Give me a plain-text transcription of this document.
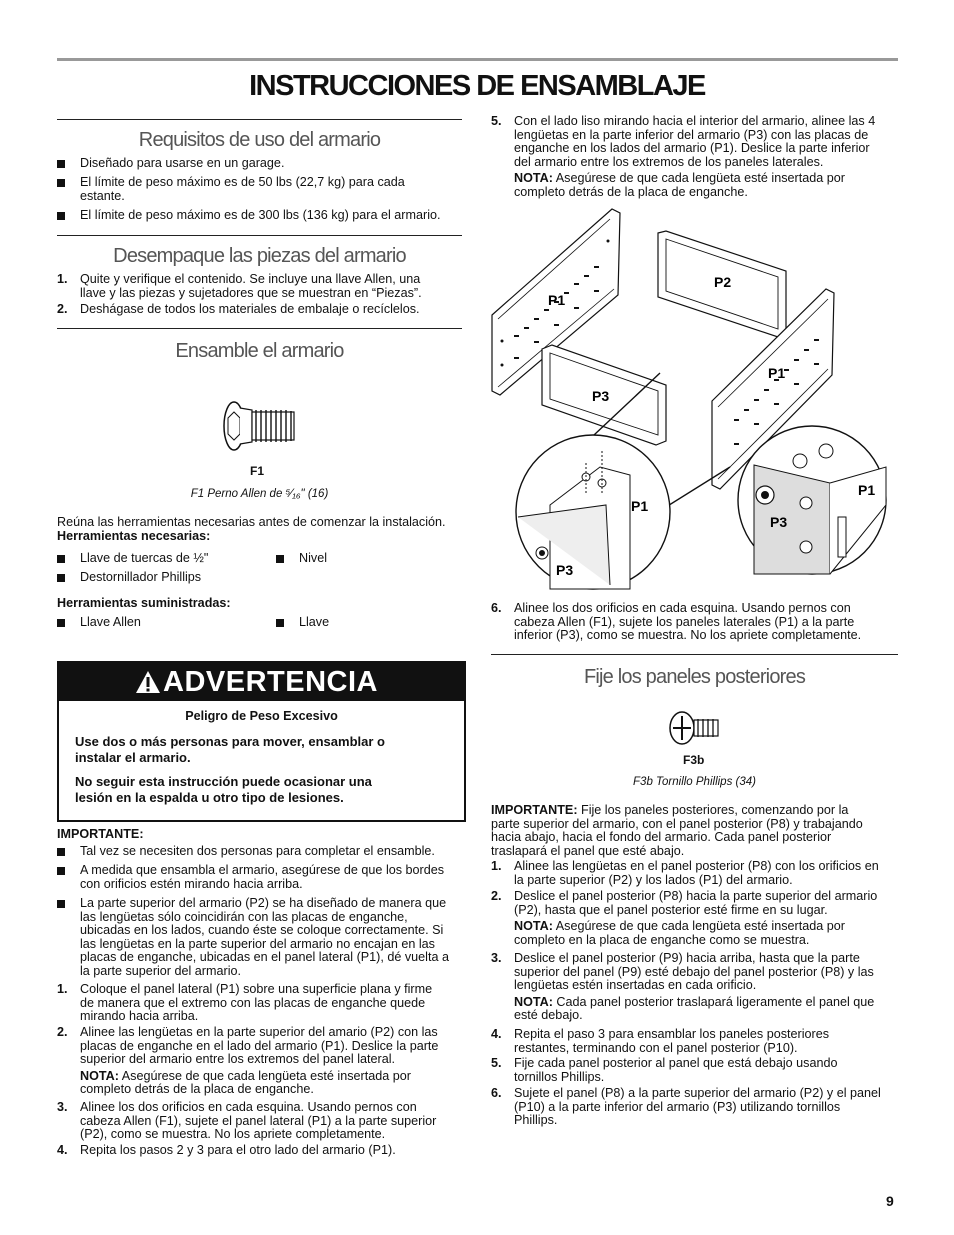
INSTRUCCIONES DE ENSAMBLAJE
Requisitos de uso del armario
Diseñado para usarse en un garage.
El límite de peso máximo es de 50 lbs (22,7 kg) para cada
estante.
El límite de peso máximo es de 300 lbs (136 kg) para el armario.
Desempaque las piezas del armario
1. Quite y verifique el contenido. Se incluye una llave Allen, una
llave y las piezas y sujetadores que se muestran en “Piezas”.
2. Deshágase de todos los materiales de embalaje o recíclelos.
Ensamble el armario
F1
F1 Perno Allen de ⁵⁄₁₆" (16)
Reúna las herramientas necesarias antes de comenzar la instalación.
Herramientas necesarias:
Llave de tuercas de ½"	Nivel
Destornillador Phillips
Herramientas suministradas:
Llave Allen	Llave
ADVERTENCIA
Peligro de Peso Excesivo
Use dos o más personas para mover, ensamblar o
instalar el armario.
No seguir esta instrucción puede ocasionar una
lesión en la espalda u otro tipo de lesiones.
IMPORTANTE:
Tal vez se necesiten dos personas para completar el ensamble.
A medida que ensambla el armario, asegúrese de que los bordes
con orificios estén mirando hacia arriba.
La parte superior del armario (P2) se ha diseñado de manera que
las lengüetas sólo coincidirán con las placas de enganche,
ubicadas en los lados, cuando éste se coloque correctamente. Si
las lengüetas en la parte superior del armario no encajan en las
placas de enganche, ubicadas en el panel lateral (P1), dé vuelta a
la parte superior del armario.
1. Coloque el panel lateral (P1) sobre una superficie plana y firme
de manera que el extremo con las placas de enganche quede
mirando hacia arriba.
2. Alinee las lengüetas en la parte superior del amario (P2) con las
placas de enganche en el lado del armario (P1). Deslice la parte
superior del armario entre los extremos del panel lateral.
NOTA: Asegúrese de que cada lengüeta esté insertada por
completo detrás de la placa de enganche.
3. Alinee los dos orificios en cada esquina. Usando pernos con
cabeza Allen (F1), sujete el panel lateral (P1) a la parte superior
(P2), como se muestra. No los apriete completamente.
4. Repita los pasos 2 y 3 para el otro lado del armario (P1).
5. Con el lado liso mirando hacia el interior del armario, alinee las 4
lengüetas en la parte inferior del armario (P3) con las placas de
enganche en los lados del armario (P1). Deslice la parte inferior
del armario entre los extremos de los paneles laterales.
NOTA: Asegúrese de que cada lengüeta esté insertada por
completo detrás de la placa de enganche.
P1
P2
P1
P3
P1
P3
P1
P3
6. Alinee los dos orificios en cada esquina. Usando pernos con
cabeza Allen (F1), sujete los paneles laterales (P1) a la parte
inferior (P3), como se muestra. No los apriete completamente.
Fije los paneles posteriores
F3b
F3b Tornillo Phillips (34)
IMPORTANTE: Fije los paneles posteriores, comenzando por la
parte superior del armario, con el panel posterior (P8) y trabajando
hacia abajo, hacia el fondo del armario. Cada panel posterior
traslapará el panel que esté abajo.
1. Alinee las lengüetas en el panel posterior (P8) con los orificios en
la parte superior (P2) y los lados (P1) del armario.
2. Deslice el panel posterior (P8) hacia la parte superior del armario
(P2), hasta que el panel posterior esté firme en su lugar.
NOTA: Asegúrese de que cada lengüeta esté insertada por
completo en la placa de enganche como se muestra.
3. Deslice el panel posterior (P9) hacia arriba, hasta que la parte
superior del panel (P9) esté debajo del panel posterior (P8) y las
lengüetas estén insertadas en cada orificio.
NOTA: Cada panel posterior traslapará ligeramente el panel que
esté debajo.
4. Repita el paso 3 para ensamblar los paneles posteriores
restantes, terminando con el panel posterior (P10).
5. Fije cada panel posterior al panel que está debajo usando
tornillos Phillips.
6. Sujete el panel (P8) a la parte superior del armario (P2) y el panel
(P10) a la parte inferior del armario (P3) utilizando tornillos
Phillips.
9
